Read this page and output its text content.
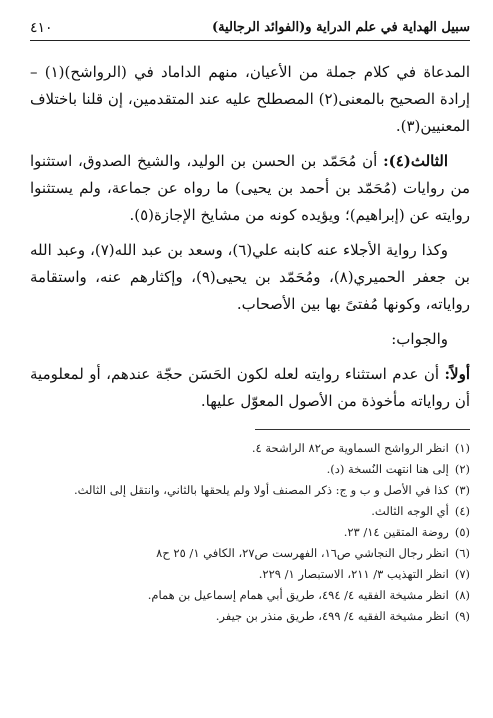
سبيل الهداية في علم الدراية و(الفوائد الرجالية)
٤١٠

المدعاة في كلام جملة من الأعيان، منهم الداماد في (الرواشح)(١) – إرادة الصحيح بالمعنى(٢) المصطلح عليه عند المتقدمين، إن قلنا باختلاف المعنيين(٣).

الثالث(٤): أن مُحَمّد بن الحسن بن الوليد، والشيخ الصدوق، استثنوا من روايات (مُحَمّد بن أحمد بن يحيى) ما رواه عن جماعة، ولم يستثنوا روايته عن (إبراهيم)؛ ويؤيده كونه من مشايخ الإجازة(٥).

وكذا رواية الأجلاء عنه كابنه علي(٦)، وسعد بن عبد الله(٧)، وعبد الله بن جعفر الحميري(٨)، ومُحَمّد بن يحيى(٩)، وإكثارهم عنه، واستقامة رواياته، وكونها مُفتىً بها بين الأصحاب.

والجواب:

أولاً: أن عدم استثناء روايته لعله لكون الحَسَن حجّة عندهم، أو لمعلومية أن رواياته مأخوذة من الأصول المعوّل عليها.

(١)انظر الرواشح السماوية ص٨٢ الراشحة ٤.
(٢)إلى هنا انتهت النُسخة (د).
(٣)كذا في الأصل و ب و ج: ذكر المصنف أولا ولم يلحقها بالثاني، وانتقل إلى الثالث.
(٤)أي الوجه الثالث.
(٥)روضة المتقين ١٤/ ٢٣.
(٦)انظر رجال النجاشي ص١٦، الفهرست ص٢٧، الكافي ١/ ٢٥ ح٨
(٧)انظر التهذيب ٣/ ٢١١، الاستبصار ١/ ٢٢٩.
(٨)انظر مشيخة الفقيه ٤/ ٤٩٤، طريق أبي همام إسماعيل بن همام.
(٩)انظر مشيخة الفقيه ٤/ ٤٩٩، طريق منذر بن جيفر.
